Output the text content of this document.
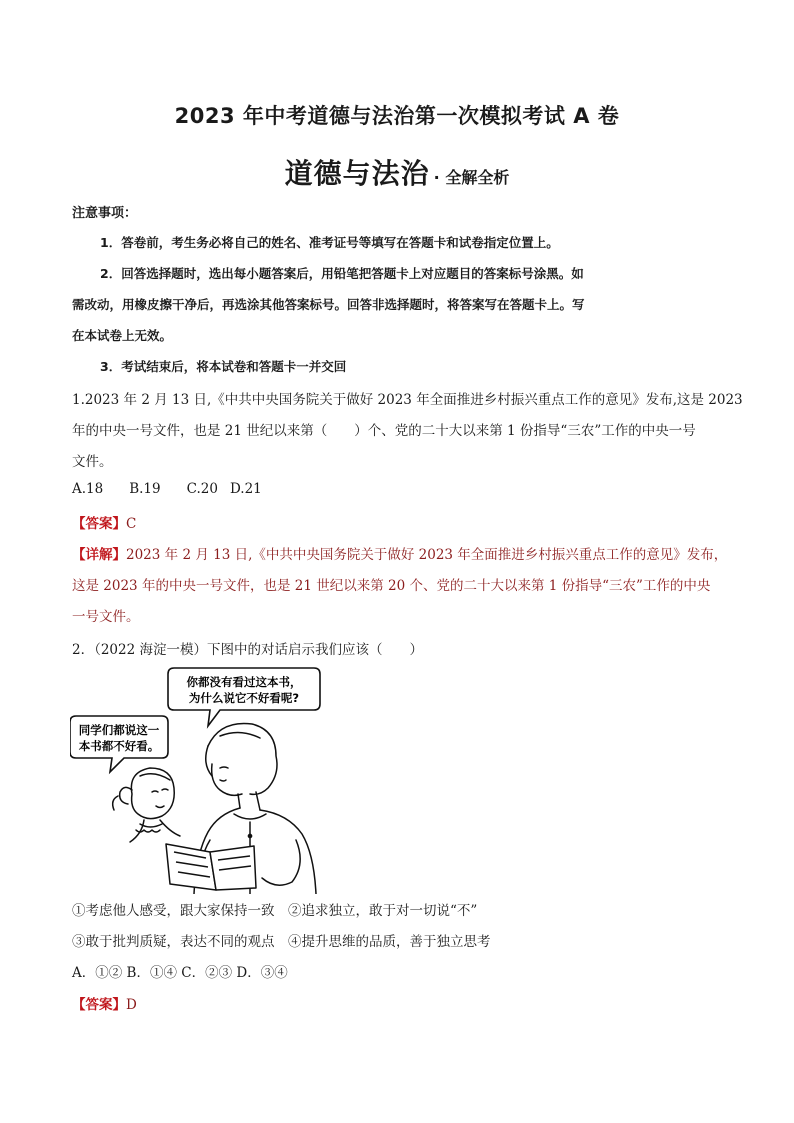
2023 年中考道德与法治第一次模拟考试 A 卷
道德与法治 · 全解全析
注意事项：
1．答卷前，考生务必将自己的姓名、准考证号等填写在答题卡和试卷指定位置上。
2．回答选择题时，选出每小题答案后，用铅笔把答题卡上对应题目的答案标号涂黑。如
需改动，用橡皮擦干净后，再选涂其他答案标号。回答非选择题时，将答案写在答题卡上。写
在本试卷上无效。
3．考试结束后，将本试卷和答题卡一并交回
1.2023 年 2 月 13 日,《中共中央国务院关于做好 2023 年全面推进乡村振兴重点工作的意见》发布,这是 2023
年的中央一号文件，也是 21 世纪以来第（　　）个、党的二十大以来第 1 份指导“三农”工作的中央一号
文件。
A.18 B.19 C.20 D.21
【答案】C
【详解】2023 年 2 月 13 日,《中共中央国务院关于做好 2023 年全面推进乡村振兴重点工作的意见》发布，
这是 2023 年的中央一号文件，也是 21 世纪以来第 20 个、党的二十大以来第 1 份指导“三农”工作的中央
一号文件。
2．（2022 海淀一模）下图中的对话启示我们应该（　　）
你都没有看过这本书，
为什么说它不好看呢?
同学们都说这一
本书都不好看。
①考虑他人感受，跟大家保持一致　②追求独立，敢于对一切说“不”
③敢于批判质疑，表达不同的观点　④提升思维的品质，善于独立思考
A．①② B．①④ C．②③ D．③④
【答案】D
